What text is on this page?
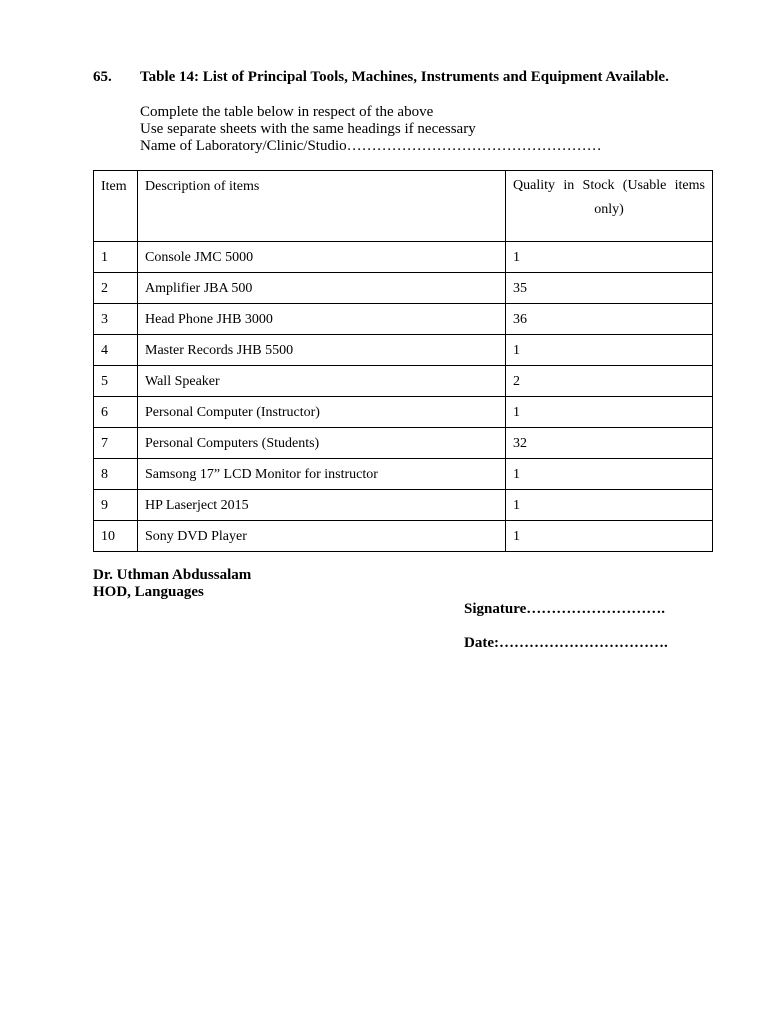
65. Table 14: List of Principal Tools, Machines, Instruments and Equipment Available.
Complete the table below in respect of the above
Use separate sheets with the same headings if necessary
Name of Laboratory/Clinic/Studio……………………………………………
Item	Description of items	Quality in Stock (Usable items only)
1	Console JMC 5000	1
2	Amplifier JBA 500	35
3	Head Phone JHB 3000	36
4	Master Records JHB 5500	1
5	Wall Speaker	2
6	Personal Computer (Instructor)	1
7	Personal Computers (Students)	32
8	Samsong 17” LCD Monitor for instructor	1
9	HP Laserject 2015	1
10	Sony DVD Player	1
Dr. Uthman Abdussalam
HOD, Languages
Signature……………………….
Date:…………………………….
